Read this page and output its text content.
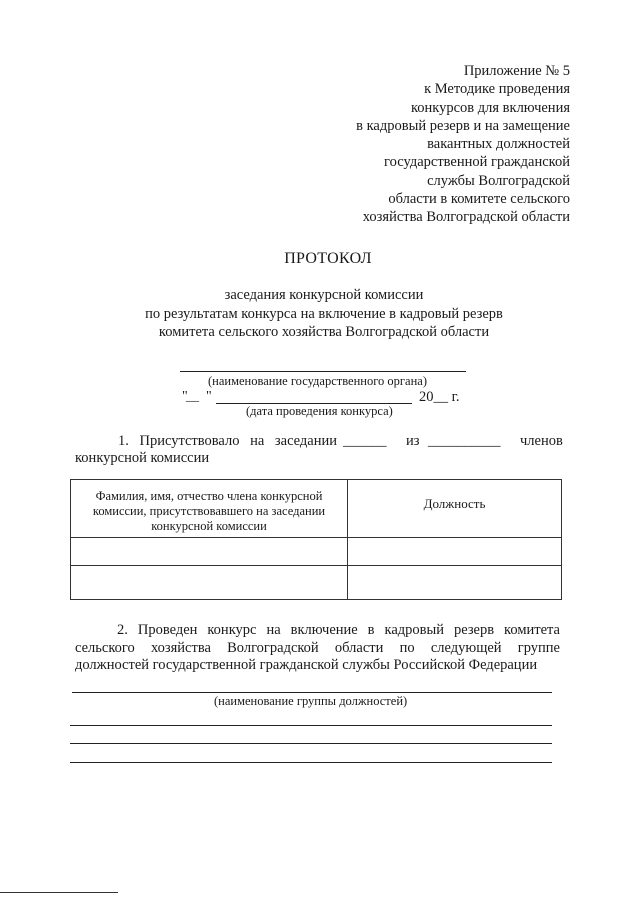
Приложение № 5
к Методике проведения
конкурсов для включения
в кадровый резерв и на замещение
вакантных должностей
государственной гражданской
службы Волгоградской
области в комитете сельского
хозяйства Волгоградской области
ПРОТОКОЛ
заседания конкурсной комиссии
по результатам конкурса на включение в кадровый резерв
комитета сельского хозяйства Волгоградской области
(наименование государственного органа)
"
__ "	20__ г.
(дата проведения конкурса)
1. Присутствовало на заседании ______ из __________ членов
конкурсной комиссии
Фамилия, имя, отчество члена конкурсной комиссии, присутствовавшего на заседании конкурсной комиссии	Должность

2. Проведен конкурс на включение в кадровый резерв комитета
сельского хозяйства Волгоградской области по следующей группе
должностей государственной гражданской службы Российской Федерации
(наименование группы должностей)
